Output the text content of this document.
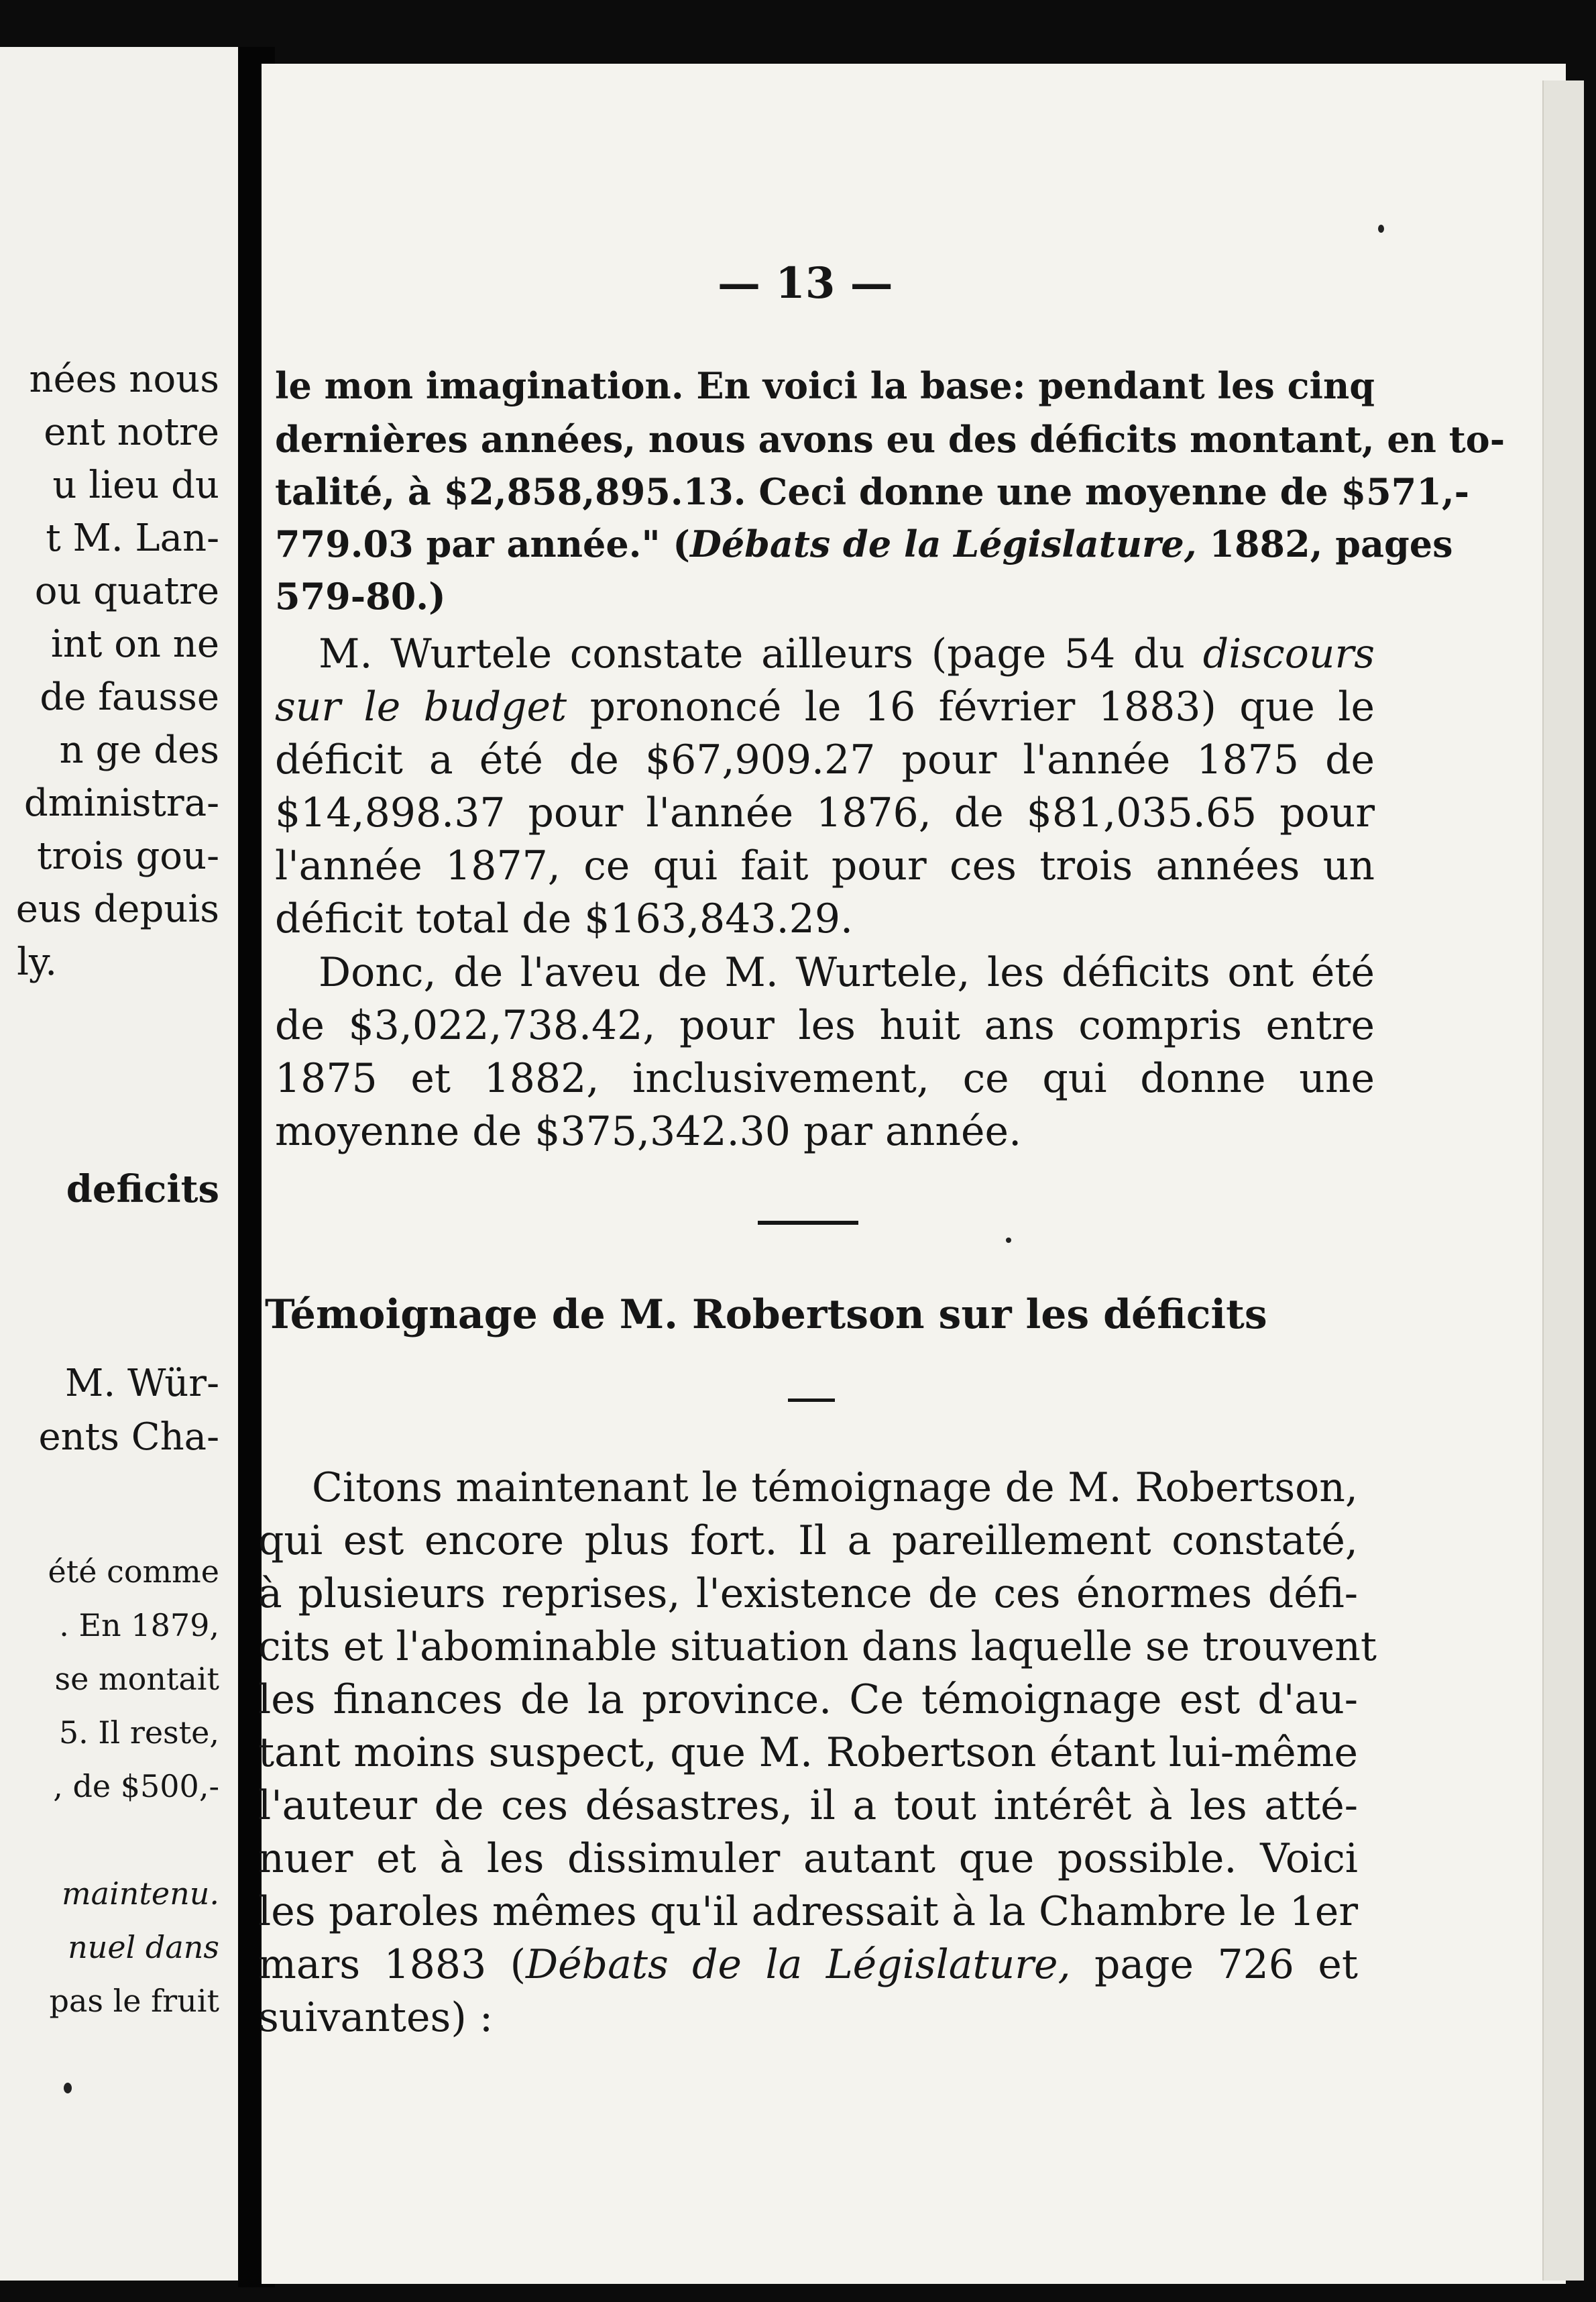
nées nous
ent notre
u lieu du
t M. Lan-
ou quatre
int on ne
de fausse
n ge des
dministra-
trois gou-
eus depuis
ly.
deficits
M. Wür-
ents Cha-
été comme
. En 1879,
se montait
5. Il reste,
, de $500,-
maintenu.
nuel dans
pas le fruit
— 13 —
le mon imagination. En voici la base: pendant les cinq
dernières années, nous avons eu des déficits montant, en to-
talité, à $2,858,895.13. Ceci donne une moyenne de $571,-
779.03 par année." (Débats de la Législature, 1882, pages
579-80.)
M. Wurtele constate ailleurs (page 54 du discours
sur le budget prononcé le 16 février 1883) que le
déficit a été de $67,909.27 pour l'année 1875 de
$14,898.37 pour l'année 1876, de $81,035.65 pour
l'année 1877, ce qui fait pour ces trois années un
déficit total de $163,843.29.
Donc, de l'aveu de M. Wurtele, les déficits ont été
de $3,022,738.42, pour les huit ans compris entre
1875 et 1882, inclusivement, ce qui donne une
moyenne de $375,342.30 par année.
Témoignage de M. Robertson sur les déficits
Citons maintenant le témoignage de M. Robertson,
qui est encore plus fort. Il a pareillement constaté,
à plusieurs reprises, l'existence de ces énormes défi-
cits et l'abominable situation dans laquelle se trouvent
les finances de la province. Ce témoignage est d'au-
tant moins suspect, que M. Robertson étant lui-même
l'auteur de ces désastres, il a tout intérêt à les atté-
nuer et à les dissimuler autant que possible. Voici
les paroles mêmes qu'il adressait à la Chambre le 1er
mars 1883 (Débats de la Législature, page 726 et
suivantes) :
